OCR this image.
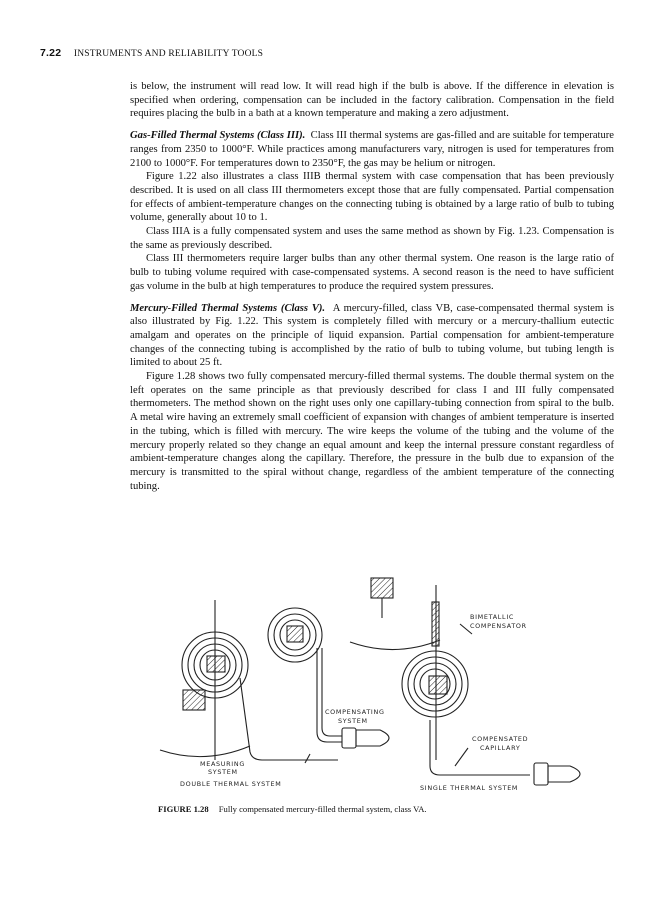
7.22 INSTRUMENTS AND RELIABILITY TOOLS

is below, the instrument will read low. It will read high if the bulb is above. If the difference in elevation is specified when ordering, compensation can be included in the factory calibration. Compensation in the field requires placing the bulb in a bath at a known temperature and making a zero adjustment.

Gas-Filled Thermal Systems (Class III). Class III thermal systems are gas-filled and are suitable for temperature ranges from 2350 to 1000°F. While practices among manufacturers vary, nitrogen is used for temperatures from 2100 to 1000°F. For temperatures down to 2350°F, the gas may be helium or nitrogen.

Figure 1.22 also illustrates a class IIIB thermal system with case compensation that has been previously described. It is used on all class III thermometers except those that are fully compensated. Partial compensation for effects of ambient-temperature changes on the connecting tubing is obtained by a large ratio of bulb to tubing volume, generally about 10 to 1.

Class IIIA is a fully compensated system and uses the same method as shown by Fig. 1.23. Compensation is the same as previously described.

Class III thermometers require larger bulbs than any other thermal system. One reason is the large ratio of bulb to tubing volume required with case-compensated systems. A second reason is the need to have sufficient gas volume in the bulb at high temperatures to produce the required system pressures.

Mercury-Filled Thermal Systems (Class V). A mercury-filled, class VB, case-compensated thermal system is also illustrated by Fig. 1.22. This system is completely filled with mercury or a mercury-thallium eutectic amalgam and operates on the principle of liquid expansion. Partial compensation for ambient-temperature changes of the connecting tubing is accomplished by the ratio of bulb to tubing volume, but tubing length is limited to about 25 ft.

Figure 1.28 shows two fully compensated mercury-filled thermal systems. The double thermal system on the left operates on the same principle as that previously described for class I and III fully compensated thermometers. The method shown on the right uses only one capillary-tubing connection from spiral to the bulb. A metal wire having an extremely small coefficient of expansion with changes of ambient temperature is inserted in the tubing, which is filled with mercury. The wire keeps the volume of the tubing and the volume of the mercury properly related so they change an equal amount and keep the internal pressure constant regardless of ambient-temperature changes along the capillary. Therefore, the pressure in the bulb due to expansion of the mercury is transmitted to the spiral without change, regardless of the ambient temperature of the connecting tubing.

BIMETALLIC
COMPENSATOR
COMPENSATING
SYSTEM
MEASURING
SYSTEM
COMPENSATED
CAPILLARY
DOUBLE THERMAL SYSTEM	SINGLE THERMAL SYSTEM
FIGURE 1.28 Fully compensated mercury-filled thermal system, class VA.
